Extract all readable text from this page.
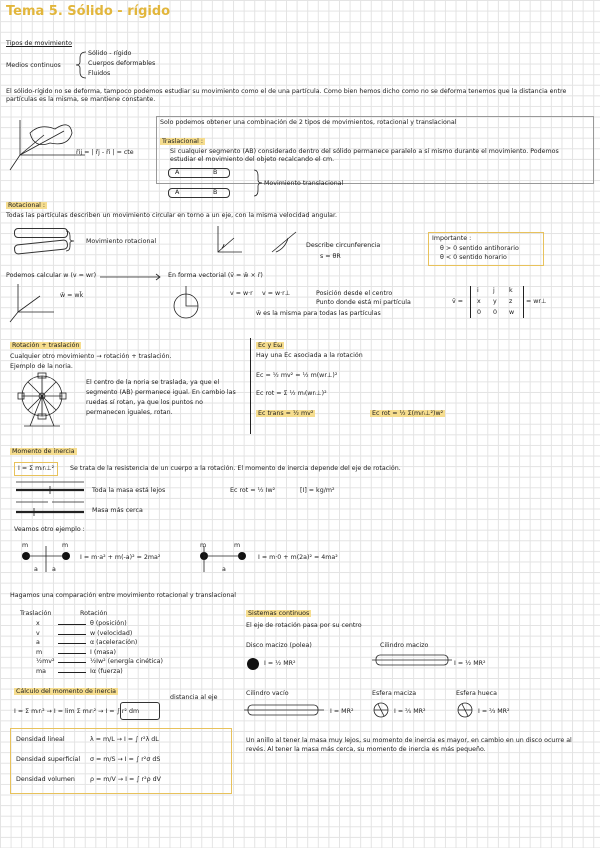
Tema 5. Sólido - rígido
Tipos de movimiento
Medios continuos
Sólido - rígido
Cuerpos deformables
Fluidos
El sólido-rígido no se deforma, tampoco podemos estudiar su movimiento como el de una partícula. Como bien hemos dicho como no se deforma tenemos que la distancia entre partículas es la misma, se mantiene constante.
r̄ij = | r̄j - r̄i | = cte
Solo podemos obtener una combinación de 2 tipos de movimientos, rotacional y translacional
Traslacional :
Si cualquier segmento (AB) considerado dentro del sólido permanece paralelo a sí mismo durante el movimiento. Podemos estudiar el movimiento del objeto recalcando el cm.
A	B
A	B
Movimiento translacional
Rotacional :
Todas las partículas describen un movimiento circular en torno a un eje, con la misma velocidad angular.
Movimiento rotacional
Describe circunferencia
s = θR
Importante :
θ > 0 sentido antihorario
θ < 0 sentido horario
Podemos calcular w (v = wr)	En forma vectorial (v̄ = w̄ × r̄)
w̄ = wk̄	v = w·r v = w·r⊥	Posición desde el centro
Punto donde está mi partícula
w̄ es la misma para todas las partículas
v̄ =
i j k
x y z
0 0 w
= wr⊥
Rotación + traslación
Cualquier otro movimiento → rotación + traslación.
Ejemplo de la noria.
El centro de la noria se traslada, ya que el segmento (AB) permanece igual. En cambio las ruedas sí rotan, ya que los puntos no permanecen iguales, rotan.
Ec y Eω
Hay una Ec asociada a la rotación
Ec = ½ mv² = ½ m(wr⊥)²
Ec rot = Σ ½ mᵢ(wrᵢ⊥)²
Ec trans = ½ mv²	Ec rot = ½ Σ(mᵢrᵢ⊥²)w²
Momento de inercia
I = Σ mᵢrᵢ⊥²	Se trata de la resistencia de un cuerpo a la rotación. El momento de inercia depende del eje de rotación.
Toda la masa está lejos
Masa más cerca
Ec rot = ½ Iw²	[I] = kg/m²
Veamos otro ejemplo :
m	m
a a
I = m·a² + m(-a)² = 2ma²
m	m
a
I = m·0 + m(2a)² = 4ma²
Hagamos una comparación entre movimiento rotacional y translacional
Traslación	Rotación
x	θ (posición)
v	w (velocidad)
a	α (aceleración)
m	I (masa)
½mv²	½Iw² (energía cinética)
ma	Iα (fuerza)
Cálculo del momento de inercia
I = Σ mᵢrᵢ² → I = lim Σ mᵢrᵢ² → I = ∫ r² dm
distancia al eje
Densidad lineal	λ = m/L → I = ∫ r²λ dL
Densidad superficial σ = m/S → I = ∫ r²σ dS
Densidad volumen ρ = m/V → I = ∫ r²ρ dV
Sistemas continuos
El eje de rotación pasa por su centro
Disco macizo (polea)
I = ½ MR²
Cilindro macizo
I = ½ MR²
Cilindro vacío
I = MR²
Esfera maciza
I = ⅖ MR²
Esfera hueca
I = ⅔ MR²
Un anillo al tener la masa muy lejos, su momento de inercia es mayor, en cambio en un disco ocurre al revés. Al tener la masa más cerca, su momento de inercia es más pequeño.
